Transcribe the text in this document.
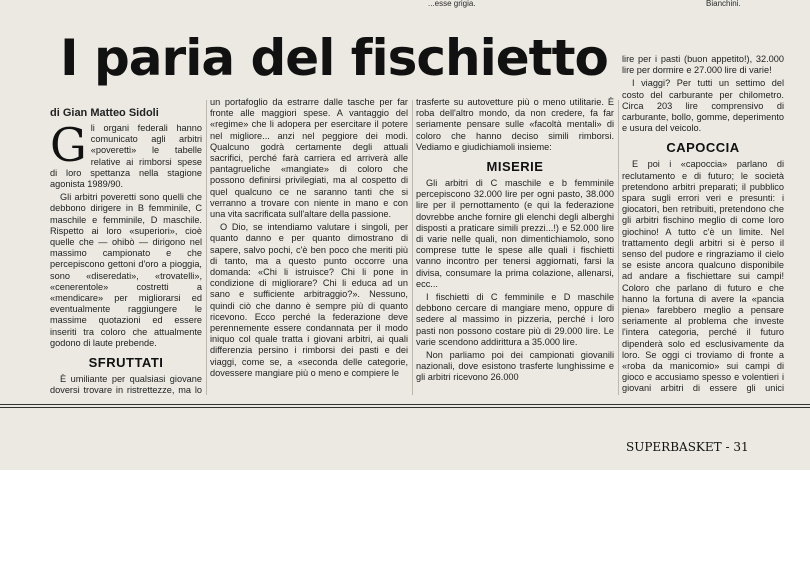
...esse grigia.	Bianchini.
I paria del fischietto
di Gian Matteo Sidoli

Gli organi federali hanno comunicato agli arbitri «poveretti» le tabelle relative ai rimborsi spese di loro spettanza nella stagione agonista 1989/90.

Gli arbitri poveretti sono quelli che debbono dirigere in B femminile, C maschile e femminile, D maschile. Rispetto ai loro «superiori», cioè quelle che — ohibò — dirigono nel massimo campionato e che percepiscono gettoni d'oro a pioggia, sono «diseredati», «trovatelli», «cenerentole» costretti a «mendicare» per migliorarsi ed eventualmente raggiungere le massime quotazioni ed essere inseriti tra coloro che attualmente godono di laute prebende.

SFRUTTATI

È umiliante per qualsiasi giovane doversi trovare in ristrettezze, ma lo

un portafoglio da estrarre dalle tasche per far fronte alle maggiori spese. A vantaggio del «regime» che li adopera per esercitare il potere nel migliore... anzi nel peggiore dei modi. Qualcuno godrà certamente degli attuali sacrifici, perché farà carriera ed arriverà alle pantagrueliche «mangiate» di coloro che possono definirsi privilegiati, ma al cospetto di quel qualcuno ce ne saranno tanti che si verranno a trovare con niente in mano e con una vita sacrificata sull'altare della passione.

O Dio, se intendiamo valutare i singoli, per quanto danno e per quanto dimostrano di sapere, salvo pochi, c'è ben poco che meriti più di tanto, ma a questo punto occorre una domanda: «Chi li istruisce? Chi li pone in condizione di migliorare? Chi li educa ad un sano e sufficiente arbitraggio?». Nessuno, quindi ciò che danno è sempre più di quanto ricevono. Ecco perché la federazione deve perennemente essere condannata per il modo iniquo col quale tratta i giovani arbitri, ai quali differenzia persino i rimborsi dei pasti e dei viaggi, come se, a «seconda delle categorie, dovessere mangiare più o meno e compiere le

trasferte su autovetture più o meno utilitarie. È roba dell'altro mondo, da non credere, fa far seriamente pensare sulle «facoltà mentali» di coloro che hanno deciso simili rimborsi. Vediamo e giudichiamoli insieme:

MISERIE

Gli arbitri di C maschile e b femminile percepiscono 32.000 lire per ogni pasto, 38.000 lire per il pernottamento (e qui la federazione dovrebbe anche fornire gli elenchi degli alberghi disposti a praticare simili prezzi...!) e 52.000 lire di varie nelle quali, non dimentichiamolo, sono comprese tutte le spese alle quali i fischietti vanno incontro per tenersi aggiornati, farsi la divisa, consumare la prima colazione, allenarsi, ecc...

I fischietti di C femminile e D maschile debbono cercare di mangiare meno, oppure di sedere al massimo in pizzeria, perché i loro pasti non possono costare più di 29.000 lire. Le varie scendono addirittura a 35.000 lire.

Non parliamo poi dei campionati giovanili nazionali, dove esistono trasferte lunghissime e gli arbitri ricevono 26.000

lire per i pasti (buon appetito!), 32.000 lire per dormire e 27.000 lire di varie!

I viaggi? Per tutti un settimo del costo del carburante per chilometro. Circa 203 lire comprensivo di carburante, bollo, gomme, deperimento e usura del veicolo.

CAPOCCIA

E poi i «capoccia» parlano di reclutamento e di futuro; le società pretendono arbitri preparati; il pubblico spara sugli errori veri e presunti: i giocatori, ben retribuiti, pretendono che gli arbitri fischino meglio di come loro giochino! A tutto c'è un limite. Nel trattamento degli arbitri si è perso il senso del pudore e ringraziamo il cielo se esiste ancora qualcuno disponibile ad andare a fischiettare sui campi! Coloro che parlano di futuro e che hanno la fortuna di avere la «pancia piena» farebbero meglio a pensare seriamente al problema che investe l'intera categoria, perché il futuro dipenderà solo ed esclusivamente da loro. Se oggi ci troviamo di fronte a «roba da manicomio» sui campi di gioco e accusiamo spesso e volentieri i giovani arbitri di essere gli unici

SUPERBASKET - 31
